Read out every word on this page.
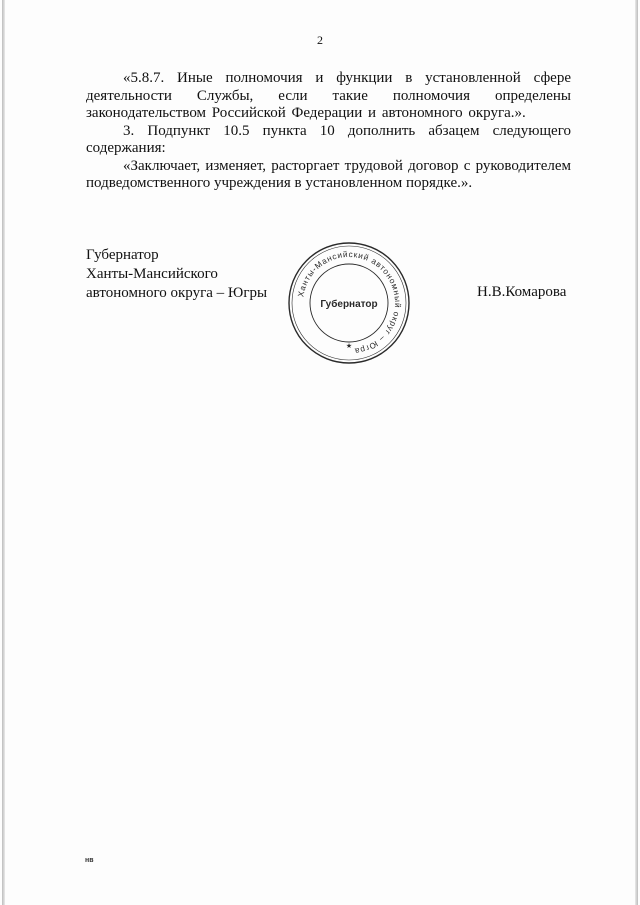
2

«5.8.7. Иные полномочия и функции в установленной сфере деятельности Службы, если такие полномочия определены законодательством Российской Федерации и автономного округа.».

3. Подпункт 10.5 пункта 10 дополнить абзацем следующего содержания:

«Заключает, изменяет, расторгает трудовой договор с руководителем подведомственного учреждения в установленном порядке.».

Губернатор
Ханты-Мансийского
автономного округа – Югры	Ханты-Мансийский автономный округ – Югра
Губернатор
★
Н.В.Комарова
нв
